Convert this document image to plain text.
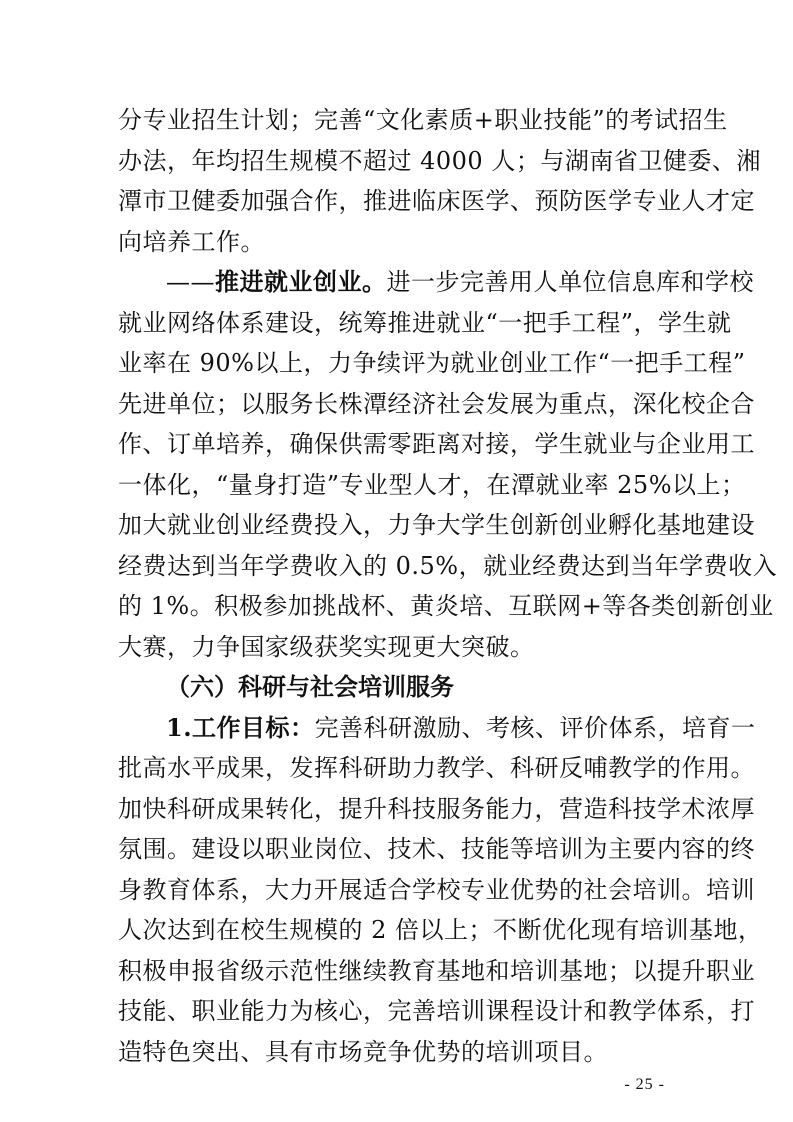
分专业招生计划；完善“文化素质+职业技能”的考试招生
办法，年均招生规模不超过 4000 人；与湖南省卫健委、湘
潭市卫健委加强合作，推进临床医学、预防医学专业人才定
向培养工作。
——推进就业创业。进一步完善用人单位信息库和学校
就业网络体系建设，统筹推进就业“一把手工程”，学生就
业率在 90%以上，力争续评为就业创业工作“一把手工程”
先进单位；以服务长株潭经济社会发展为重点，深化校企合
作、订单培养，确保供需零距离对接，学生就业与企业用工
一体化，“量身打造”专业型人才，在潭就业率 25%以上；
加大就业创业经费投入，力争大学生创新创业孵化基地建设
经费达到当年学费收入的 0.5%，就业经费达到当年学费收入
的 1%。积极参加挑战杯、黄炎培、互联网+等各类创新创业
大赛，力争国家级获奖实现更大突破。
（六）科研与社会培训服务
1.工作目标：完善科研激励、考核、评价体系，培育一
批高水平成果，发挥科研助力教学、科研反哺教学的作用。
加快科研成果转化，提升科技服务能力，营造科技学术浓厚
氛围。建设以职业岗位、技术、技能等培训为主要内容的终
身教育体系，大力开展适合学校专业优势的社会培训。培训
人次达到在校生规模的 2 倍以上；不断优化现有培训基地，
积极申报省级示范性继续教育基地和培训基地；以提升职业
技能、职业能力为核心，完善培训课程设计和教学体系，打
造特色突出、具有市场竞争优势的培训项目。
- 25 -
